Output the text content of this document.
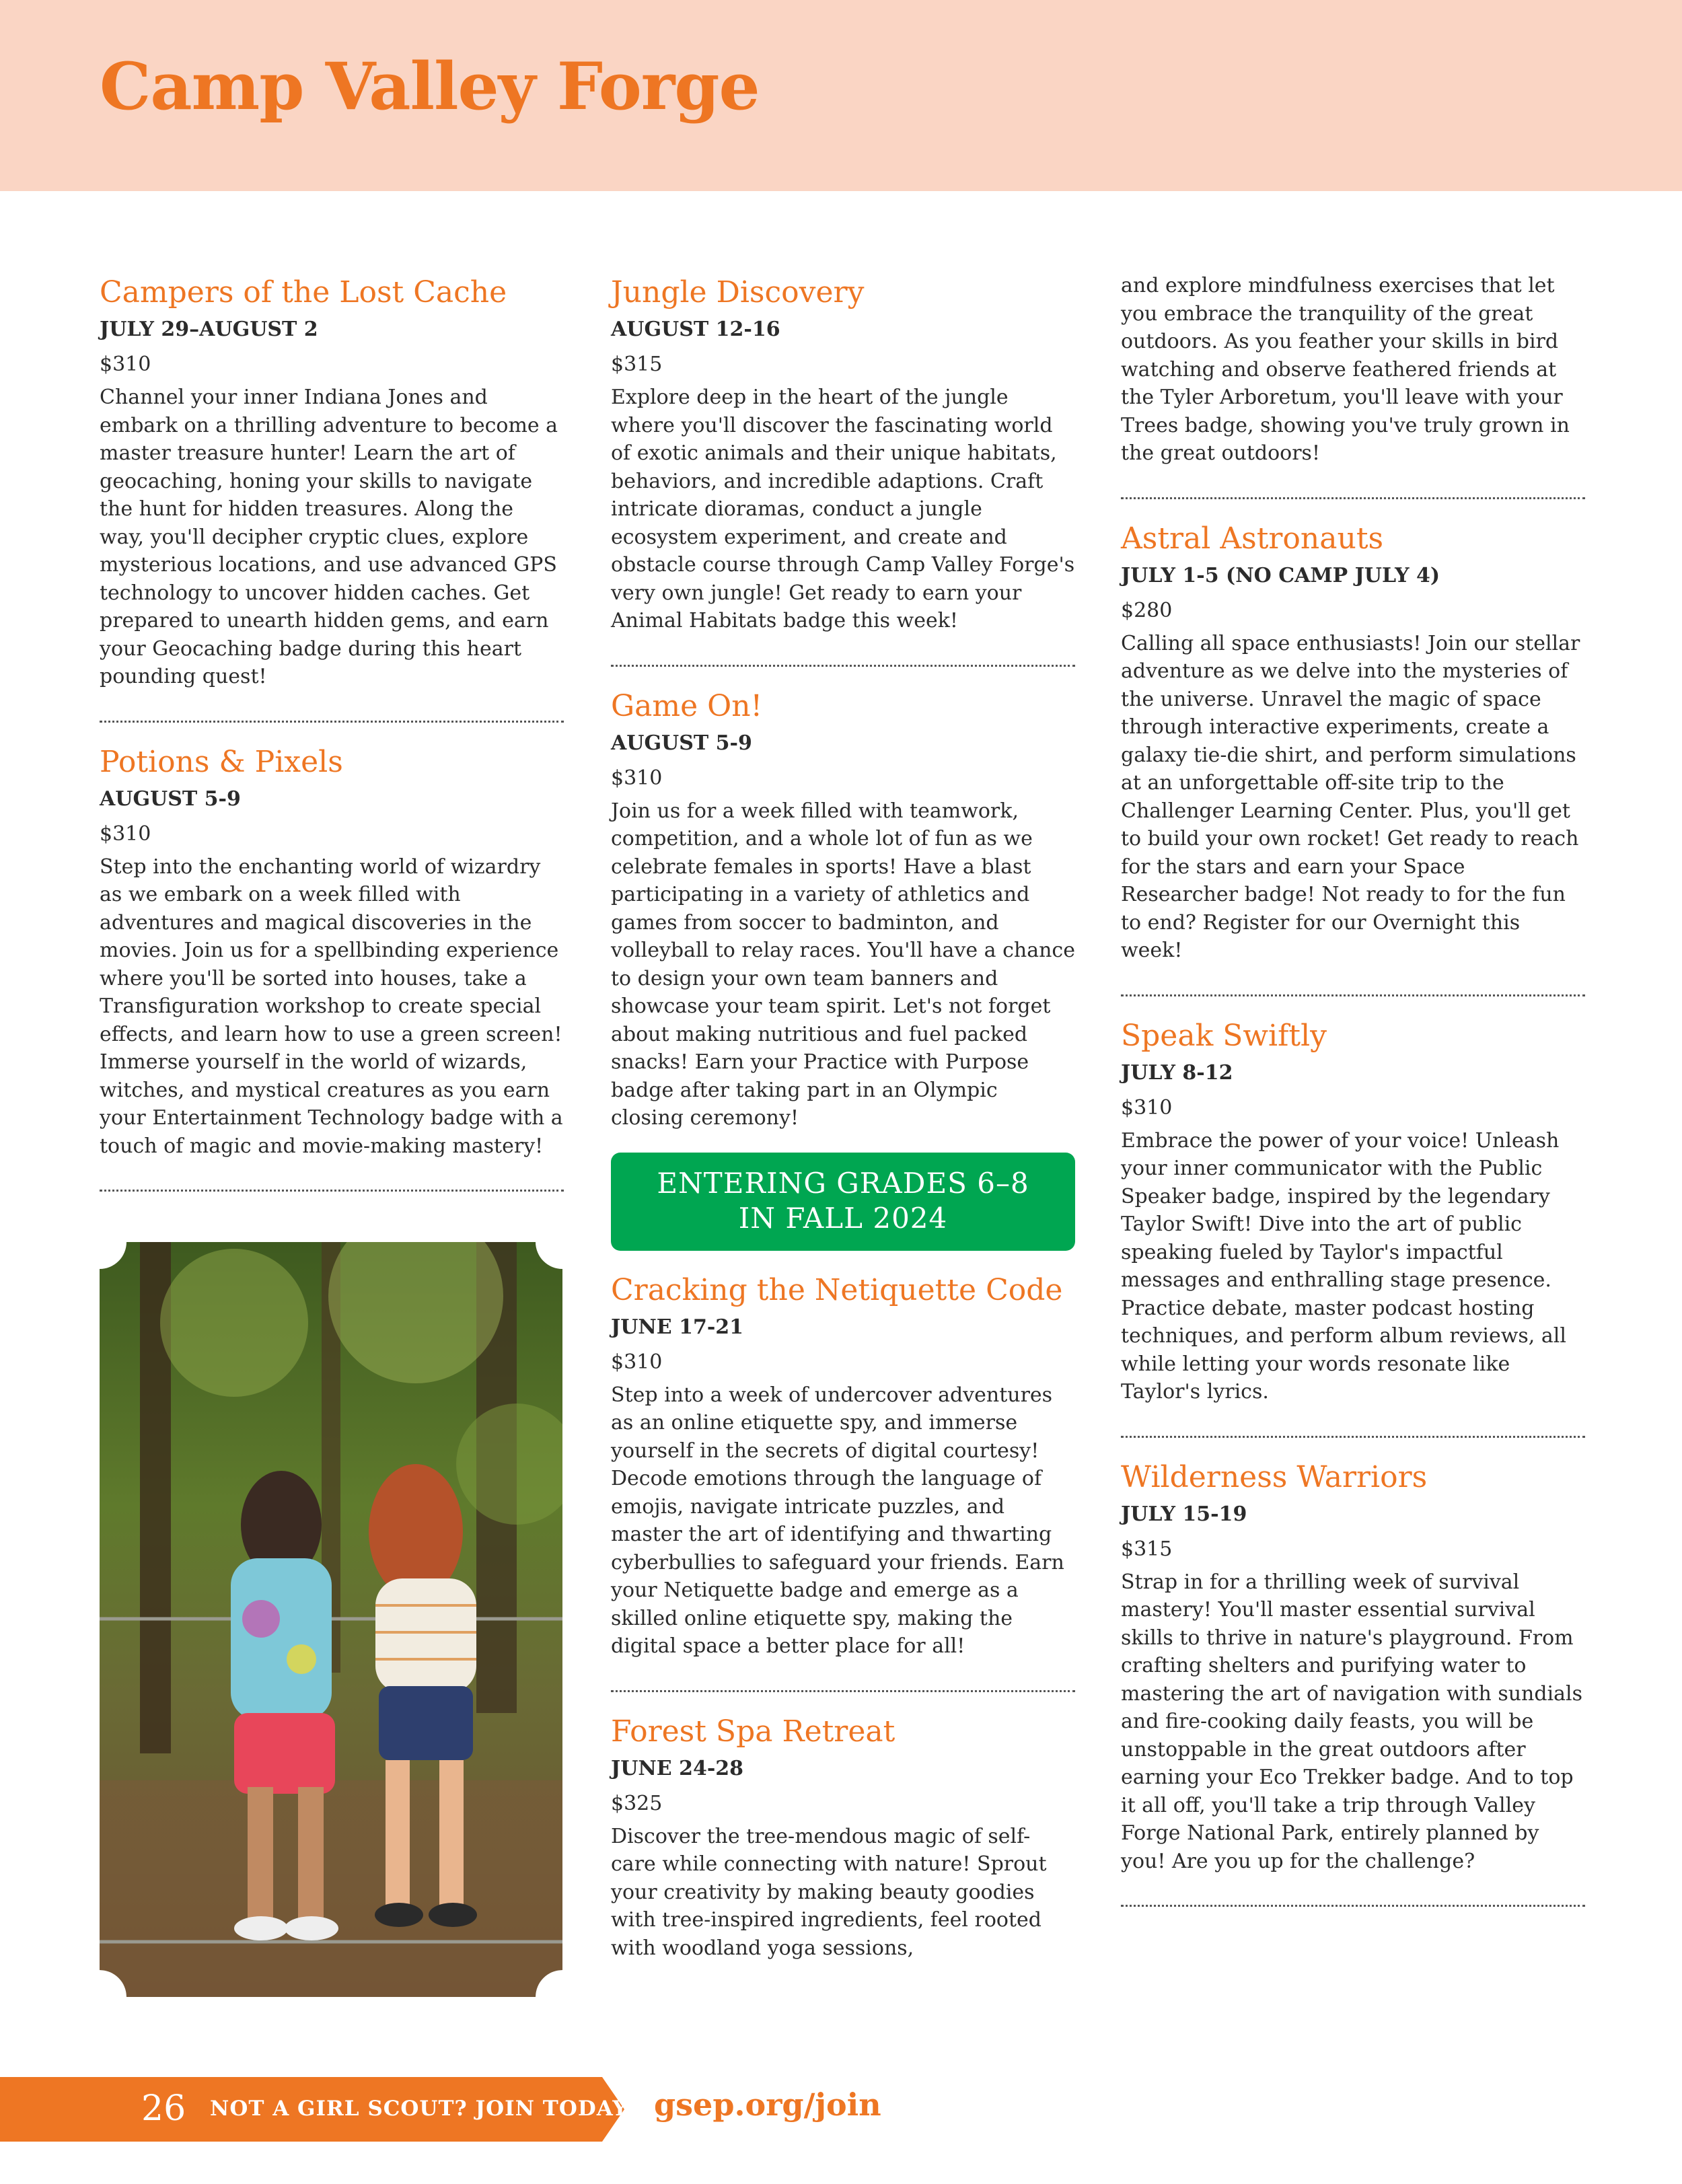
Camp Valley Forge
Campers of the Lost Cache
JULY 29–AUGUST 2
$310

Channel your inner Indiana Jones and embark on a thrilling adventure to become a master treasure hunter! Learn the art of geocaching, honing your skills to navigate the hunt for hidden treasures. Along the way, you'll decipher cryptic clues, explore mysterious locations, and use advanced GPS technology to uncover hidden caches. Get prepared to unearth hidden gems, and earn your Geocaching badge during this heart pounding quest!

Potions & Pixels
AUGUST 5-9
$310

Step into the enchanting world of wizardry as we embark on a week filled with adventures and magical discoveries in the movies. Join us for a spellbinding experience where you'll be sorted into houses, take a Transfiguration workshop to create special effects, and learn how to use a green screen! Immerse yourself in the world of wizards, witches, and mystical creatures as you earn your Entertainment Technology badge with a touch of magic and movie-making mastery!

Jungle Discovery
AUGUST 12-16
$315

Explore deep in the heart of the jungle where you'll discover the fascinating world of exotic animals and their unique habitats, behaviors, and incredible adaptions. Craft intricate dioramas, conduct a jungle ecosystem experiment, and create and obstacle course through Camp Valley Forge's very own jungle! Get ready to earn your Animal Habitats badge this week!

Game On!
AUGUST 5-9
$310

Join us for a week filled with teamwork, competition, and a whole lot of fun as we celebrate females in sports! Have a blast participating in a variety of athletics and games from soccer to badminton, and volleyball to relay races. You'll have a chance to design your own team banners and showcase your team spirit. Let's not forget about making nutritious and fuel packed snacks! Earn your Practice with Purpose badge after taking part in an Olympic closing ceremony!

ENTERING GRADES 6–8
IN FALL 2024
Cracking the Netiquette Code
JUNE 17-21
$310

Step into a week of undercover adventures as an online etiquette spy, and immerse yourself in the secrets of digital courtesy! Decode emotions through the language of emojis, navigate intricate puzzles, and master the art of identifying and thwarting cyberbullies to safeguard your friends. Earn your Netiquette badge and emerge as a skilled online etiquette spy, making the digital space a better place for all!

Forest Spa Retreat
JUNE 24-28
$325

Discover the tree-mendous magic of self-care while connecting with nature! Sprout your creativity by making beauty goodies with tree-inspired ingredients, feel rooted with woodland yoga sessions,

and explore mindfulness exercises that let you embrace the tranquility of the great outdoors. As you feather your skills in bird watching and observe feathered friends at the Tyler Arboretum, you'll leave with your Trees badge, showing you've truly grown in the great outdoors!

Astral Astronauts
JULY 1-5 (NO CAMP JULY 4)
$280

Calling all space enthusiasts! Join our stellar adventure as we delve into the mysteries of the universe. Unravel the magic of space through interactive experiments, create a galaxy tie-die shirt, and perform simulations at an unforgettable off-site trip to the Challenger Learning Center. Plus, you'll get to build your own rocket! Get ready to reach for the stars and earn your Space Researcher badge! Not ready to for the fun to end? Register for our Overnight this week!

Speak Swiftly
JULY 8-12
$310

Embrace the power of your voice! Unleash your inner communicator with the Public Speaker badge, inspired by the legendary Taylor Swift! Dive into the art of public speaking fueled by Taylor's impactful messages and enthralling stage presence. Practice debate, master podcast hosting techniques, and perform album reviews, all while letting your words resonate like Taylor's lyrics.

Wilderness Warriors
JULY 15-19
$315

Strap in for a thrilling week of survival mastery! You'll master essential survival skills to thrive in nature's playground. From crafting shelters and purifying water to mastering the art of navigation with sundials and fire-cooking daily feasts, you will be unstoppable in the great outdoors after earning your Eco Trekker badge. And to top it all off, you'll take a trip through Valley Forge National Park, entirely planned by you! Are you up for the challenge?

26 NOT A GIRL SCOUT? JOIN TODAY! gsep.org/join
